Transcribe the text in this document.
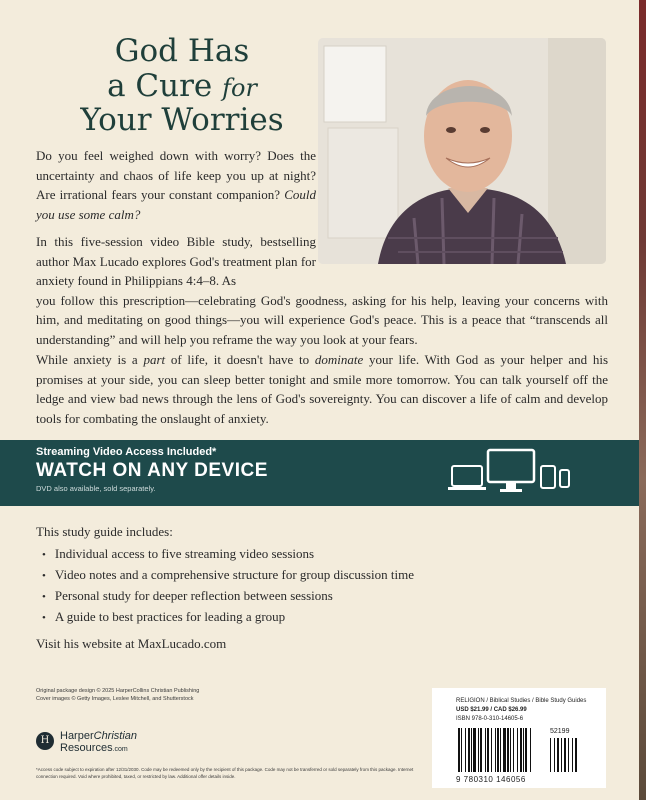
God Has
a Cure for
Your Worries

Do you feel weighed down with worry? Does the uncertainty and chaos of life keep you up at night? Are irrational fears your constant companion? Could you use some calm?

In this five-session video Bible study, bestselling author Max Lucado explores God's treatment plan for anxiety found in Philippians 4:4–8. As
you follow this prescription—celebrating God's goodness, asking for his help, leaving your concerns with him, and meditating on good things—you will experience God's peace. This is a peace that “transcends all understanding” and will help you reframe the way you look at your fears.

While anxiety is a part of life, it doesn't have to dominate your life. With God as your helper and his promises at your side, you can sleep better tonight and smile more tomorrow. You can talk yourself off the ledge and view bad news through the lens of God's sovereignty. You can discover a life of calm and develop tools for combating the onslaught of anxiety.

Streaming Video Access Included*
WATCH ON ANY DEVICE
DVD also available, sold separately.

This study guide includes:

• Individual access to five streaming video sessions
• Video notes and a comprehensive structure for group discussion time
• Personal study for deeper reflection between sessions
• A guide to best practices for leading a group

Visit his website at MaxLucado.com

Original package design © 2025 HarperCollins Christian Publishing
Cover images © Getty Images, Leslee Mitchell, and Shutterstock
H HarperChristian
Resources.com
*Access code subject to expiration after 12/31/2030. Code may be redeemed only by the recipient of this package. Code may not be transferred or sold separately from this package. Internet connection required. Void where prohibited, taxed, or restricted by law. Additional offer details inside.
RELIGION / Biblical Studies / Bible Study Guides
USD $21.99 / CAD $26.99
ISBN 978-0-310-14605-6
52199
9 780310 146056
